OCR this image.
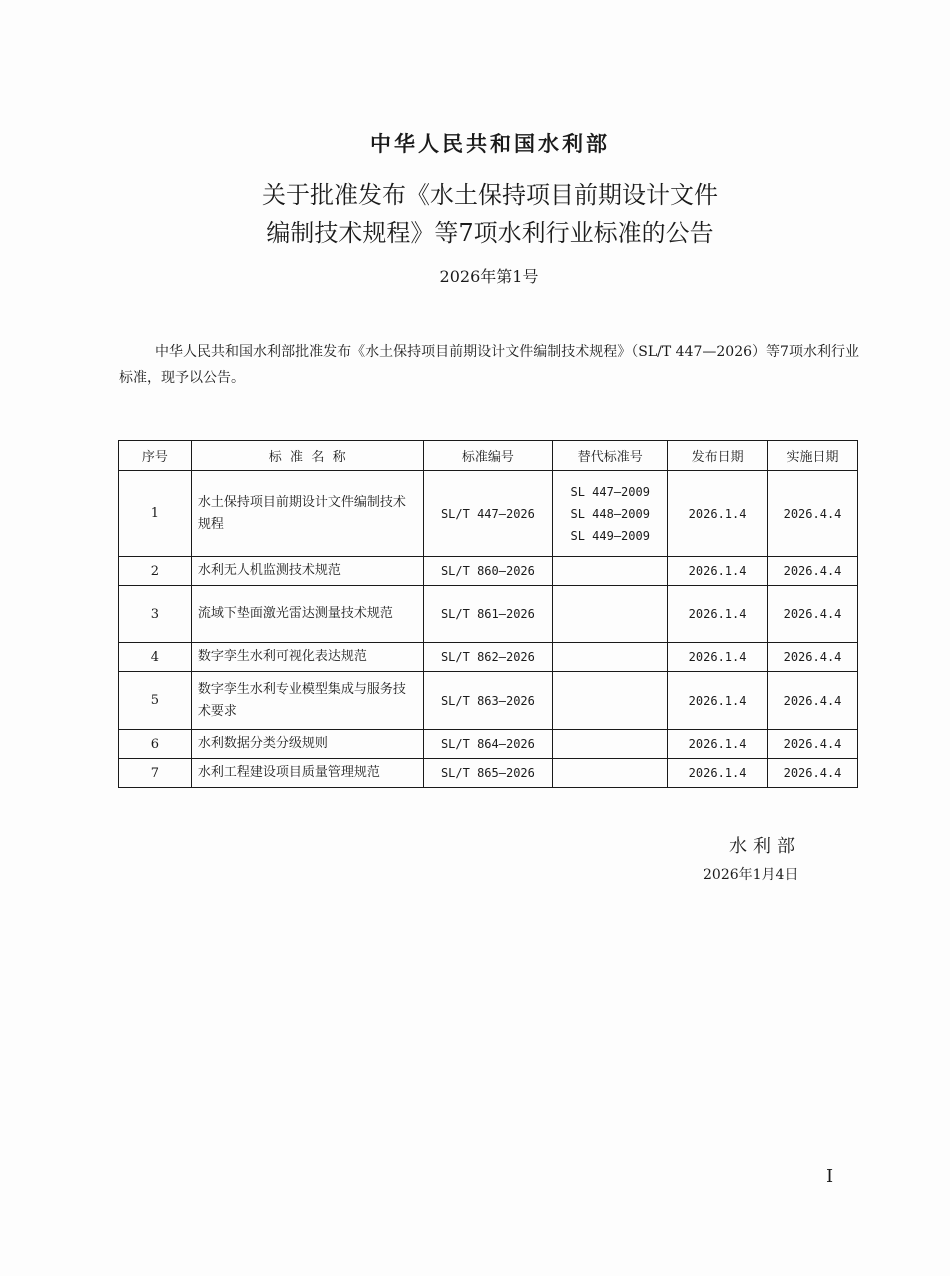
中华人民共和国水利部
关于批准发布《水土保持项目前期设计文件
编制技术规程》等7项水利行业标准的公告
2026年第1号
中华人民共和国水利部批准发布《水土保持项目前期设计文件编制技术规程》（SL/T 447—2026）等7项水利行业标准，现予以公告。
序号	标  准  名  称	标准编号	替代标准号	发布日期	实施日期
1	水土保持项目前期设计文件编制技术规程	SL/T 447—2026	SL 447—2009
SL 448—2009
SL 449—2009	2026.1.4	2026.4.4
2	水利无人机监测技术规范	SL/T 860—2026		2026.1.4	2026.4.4
3	流域下垫面激光雷达测量技术规范	SL/T 861—2026		2026.1.4	2026.4.4
4	数字孪生水利可视化表达规范	SL/T 862—2026		2026.1.4	2026.4.4
5	数字孪生水利专业模型集成与服务技术要求	SL/T 863—2026		2026.1.4	2026.4.4
6	水利数据分类分级规则	SL/T 864—2026		2026.1.4	2026.4.4
7	水利工程建设项目质量管理规范	SL/T 865—2026		2026.1.4	2026.4.4
水利部
2026年1月4日
I
